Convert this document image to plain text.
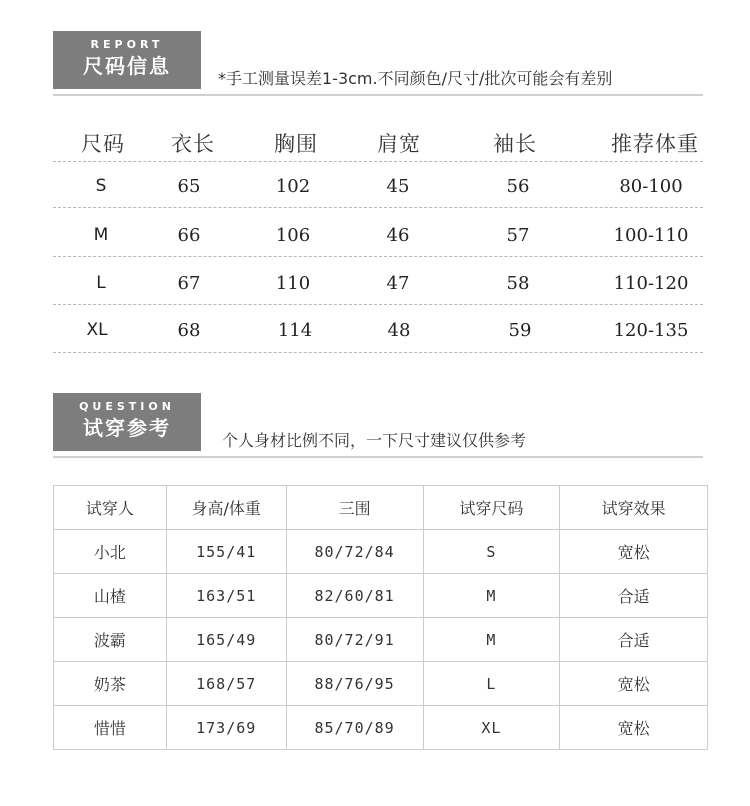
REPORT
尺码信息
*手工测量误差1-3cm.不同颜色/尺寸/批次可能会有差别
尺码 衣长	胸围	肩宽	袖长	推荐体重
S	65	102	45	56	80-100
M	66	106	46	57	100-110
L	67	110	47	58	110-120
XL	68	114	48	59	120-135
QUESTION
试穿参考
个人身材比例不同，一下尺寸建议仅供参考
试穿人	身高/体重	三围	试穿尺码	试穿效果
小北	155/41	80/72/84	S	宽松
山楂	163/51	82/60/81	M	合适
波霸	165/49	80/72/91	M	合适
奶茶	168/57	88/76/95	L	宽松
惜惜	173/69	85/70/89	XL	宽松
